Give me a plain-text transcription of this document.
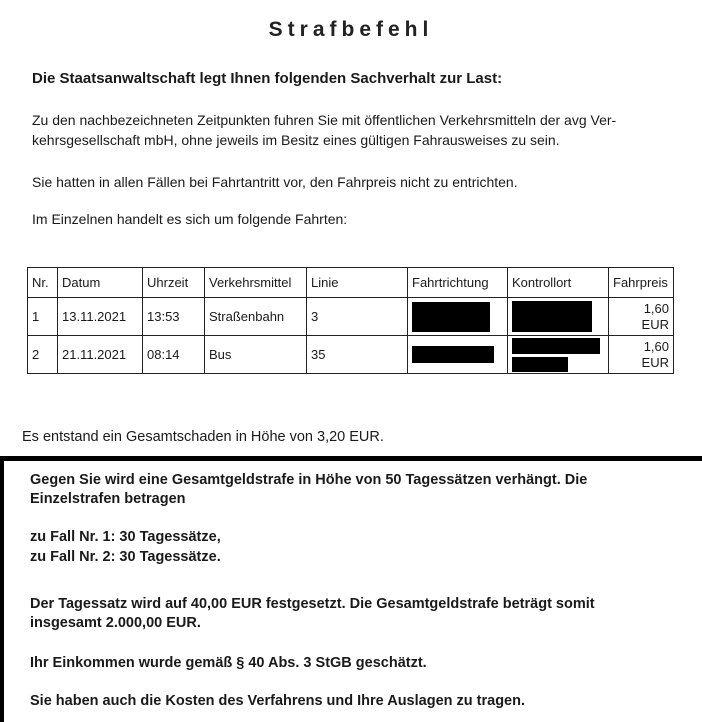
Strafbefehl
Die Staatsanwaltschaft legt Ihnen folgenden Sachverhalt zur Last:
Zu den nachbezeichneten Zeitpunkten fuhren Sie mit öffentlichen Verkehrsmitteln der avg Ver-
kehrsgesellschaft mbH, ohne jeweils im Besitz eines gültigen Fahrausweises zu sein.
Sie hatten in allen Fällen bei Fahrtantritt vor, den Fahrpreis nicht zu entrichten.
Im Einzelnen handelt es sich um folgende Fahrten:
Nr.	Datum	Uhrzeit	Verkehrsmittel	Linie	Fahrtrichtung	Kontrollort	Fahrpreis
1	13.11.2021	13:53	Straßenbahn	3			1,60
EUR

2	21.11.2021	08:14	Bus	35			1,60
EUR
Es entstand ein Gesamtschaden in Höhe von 3,20 EUR.
Gegen Sie wird eine Gesamtgeldstrafe in Höhe von 50 Tagessätzen verhängt. Die
Einzelstrafen betragen
zu Fall Nr. 1: 30 Tagessätze,
zu Fall Nr. 2: 30 Tagessätze.
Der Tagessatz wird auf 40,00 EUR festgesetzt. Die Gesamtgeldstrafe beträgt somit
insgesamt 2.000,00 EUR.
Ihr Einkommen wurde gemäß § 40 Abs. 3 StGB geschätzt.
Sie haben auch die Kosten des Verfahrens und Ihre Auslagen zu tragen.
